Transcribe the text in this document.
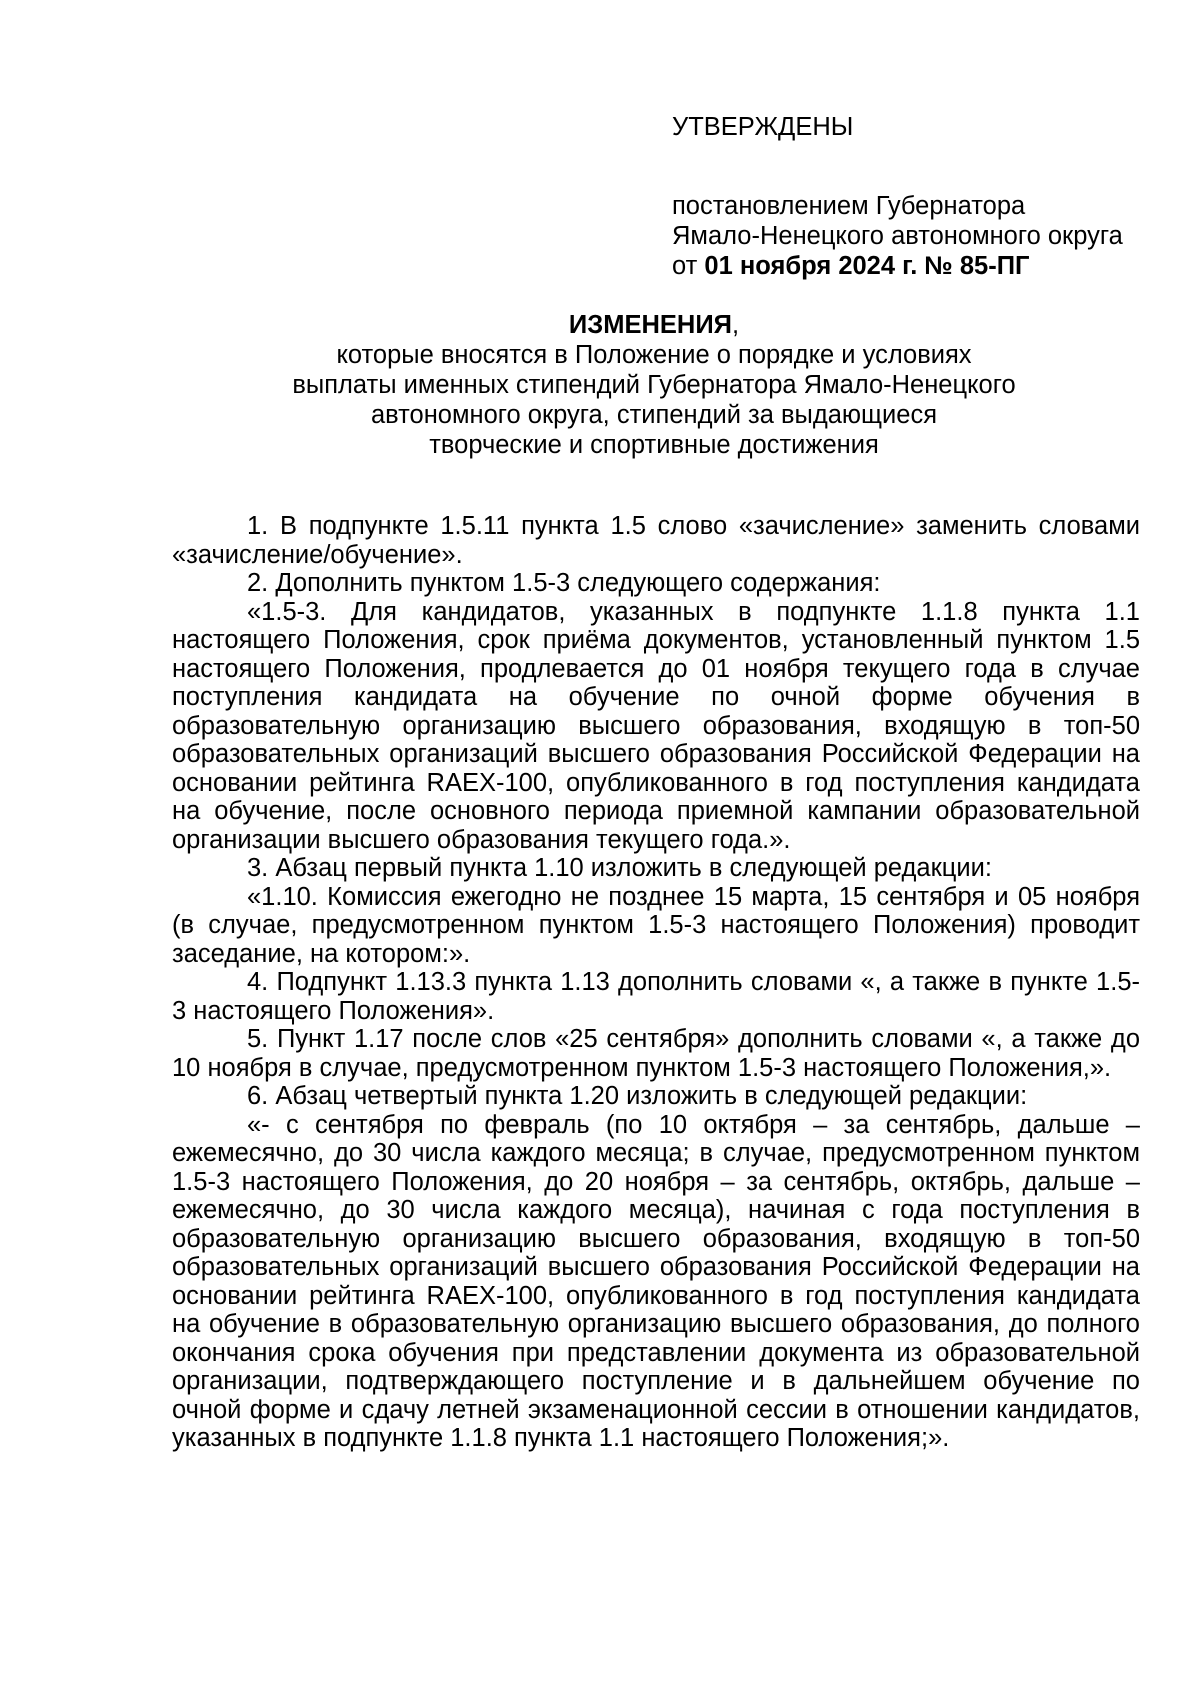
УТВЕРЖДЕНЫ
постановлением Губернатора
Ямало-Ненецкого автономного округа
от 01 ноября 2024 г. № 85-ПГ
ИЗМЕНЕНИЯ,
которые вносятся в Положение о порядке и условиях
выплаты именных стипендий Губернатора Ямало-Ненецкого
автономного округа, стипендий за выдающиеся
творческие и спортивные достижения

1. В подпункте 1.5.11 пункта 1.5 слово «зачисление» заменить словами «зачисление/обучение».

2. Дополнить пунктом 1.5-3 следующего содержания:

«1.5-3. Для кандидатов, указанных в подпункте 1.1.8 пункта 1.1 настоящего Положения, срок приёма документов, установленный пунктом 1.5 настоящего Положения, продлевается до 01 ноября текущего года в случае поступления кандидата на обучение по очной форме обучения в образовательную организацию высшего образования, входящую в топ-50 образовательных организаций высшего образования Российской Федерации на основании рейтинга RAEX-100, опубликованного в год поступления кандидата на обучение, после основного периода приемной кампании образовательной организации высшего образования текущего года.».

3. Абзац первый пункта 1.10 изложить в следующей редакции:

«1.10. Комиссия ежегодно не позднее 15 марта, 15 сентября и 05 ноября (в случае, предусмотренном пунктом 1.5-3 настоящего Положения) проводит заседание, на котором:».

4. Подпункт 1.13.3 пункта 1.13 дополнить словами «, а также в пункте 1.5-3 настоящего Положения».

5. Пункт 1.17 после слов «25 сентября» дополнить словами «, а также до 10 ноября в случае, предусмотренном пунктом 1.5-3 настоящего Положения,».

6. Абзац четвертый пункта 1.20 изложить в следующей редакции:

«- с сентября по февраль (по 10 октября – за сентябрь, дальше – ежемесячно, до 30 числа каждого месяца; в случае, предусмотренном пунктом 1.5-3 настоящего Положения, до 20 ноября – за сентябрь, октябрь, дальше – ежемесячно, до 30 числа каждого месяца), начиная с года поступления в образовательную организацию высшего образования, входящую в топ-50 образовательных организаций высшего образования Российской Федерации на основании рейтинга RAEX-100, опубликованного в год поступления кандидата на обучение в образовательную организацию высшего образования, до полного окончания срока обучения при представлении документа из образовательной организации, подтверждающего поступление и в дальнейшем обучение по очной форме и сдачу летней экзаменационной сессии в отношении кандидатов, указанных в подпункте 1.1.8 пункта 1.1 настоящего Положения;».
